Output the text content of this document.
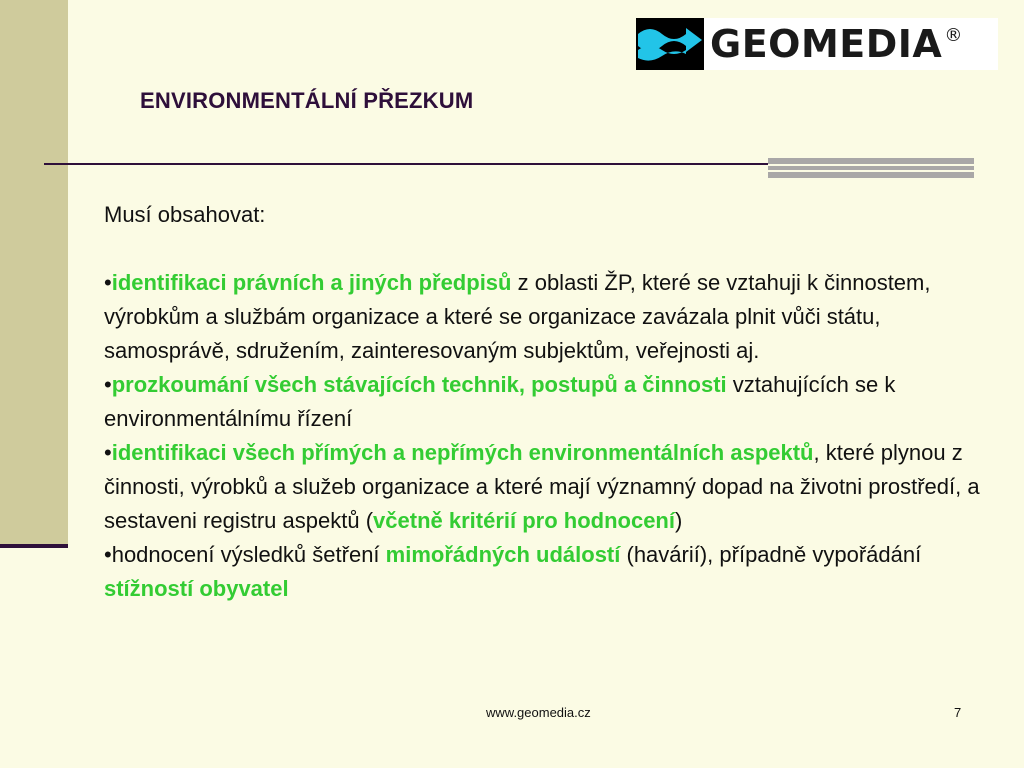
GEOMEDIA ®
ENVIRONMENTÁLNÍ PŘEZKUM

Musí obsahovat:

•identifikaci právních a jiných předpisů z oblasti ŽP, které se vztahuji k činnostem, výrobkům a službám organizace a které se organizace zavázala plnit vůči státu, samosprávě, sdružením, zainteresovaným subjektům, veřejnosti aj.

•prozkoumání všech stávajících technik, postupů a činnosti vztahujících se k environmentálnímu řízení

•identifikaci všech přímých a nepřímých environmentálních aspektů, které plynou z činnosti, výrobků a služeb organizace a které mají významný dopad na životni prostředí, a sestaveni registru aspektů (včetně kritérií pro hodnocení)

•hodnocení výsledků šetření mimořádných událostí (havárií), případně vypořádání stížností obyvatel

www.geomedia.cz	7
